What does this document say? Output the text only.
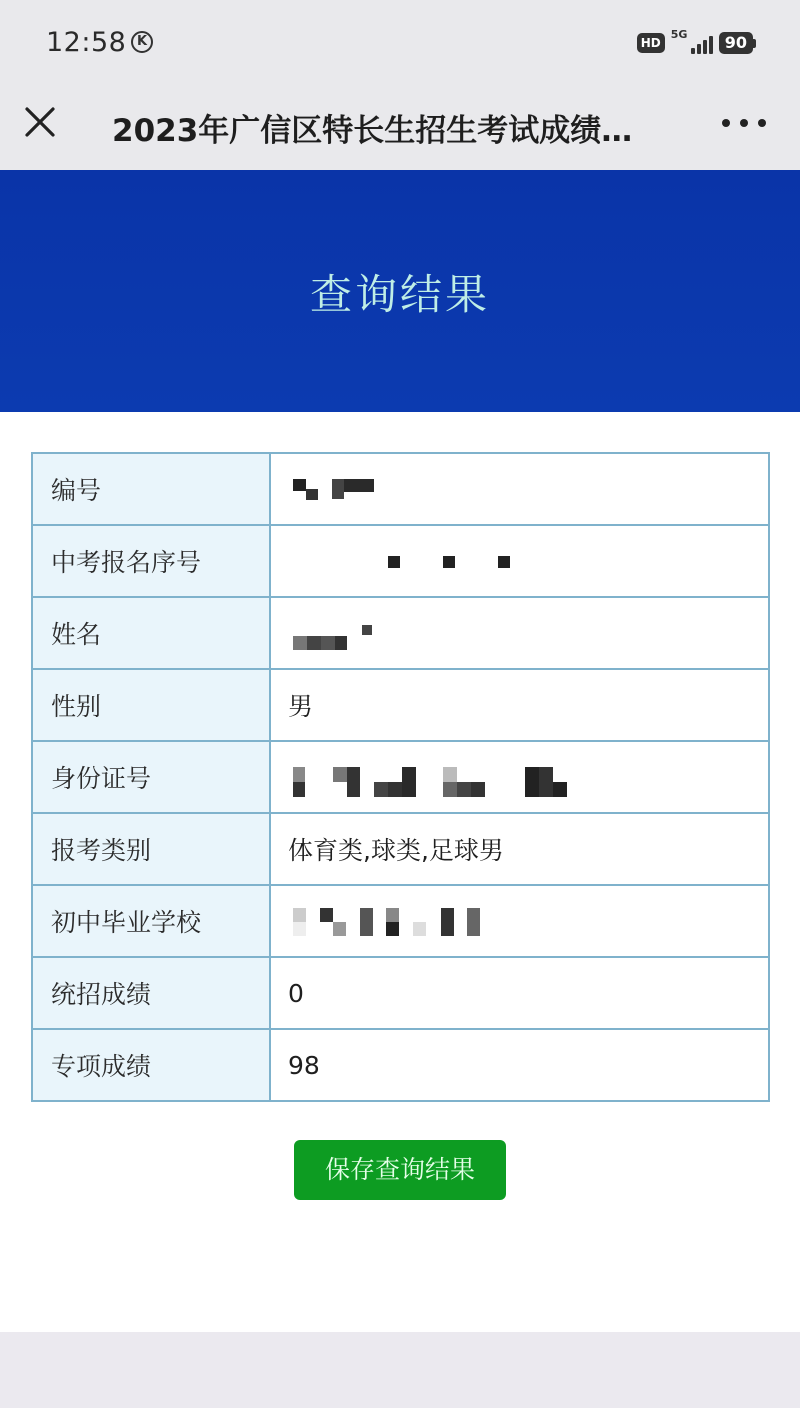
12:58 K	HD
5G	90
2023年广信区特长生招生考试成绩…
查询结果
编号	

中考报名序号	

姓名	

性别	男
身份证号	

报考类别	体育类,球类,足球男
初中毕业学校	

统招成绩	0
专项成绩	98
保存查询结果
